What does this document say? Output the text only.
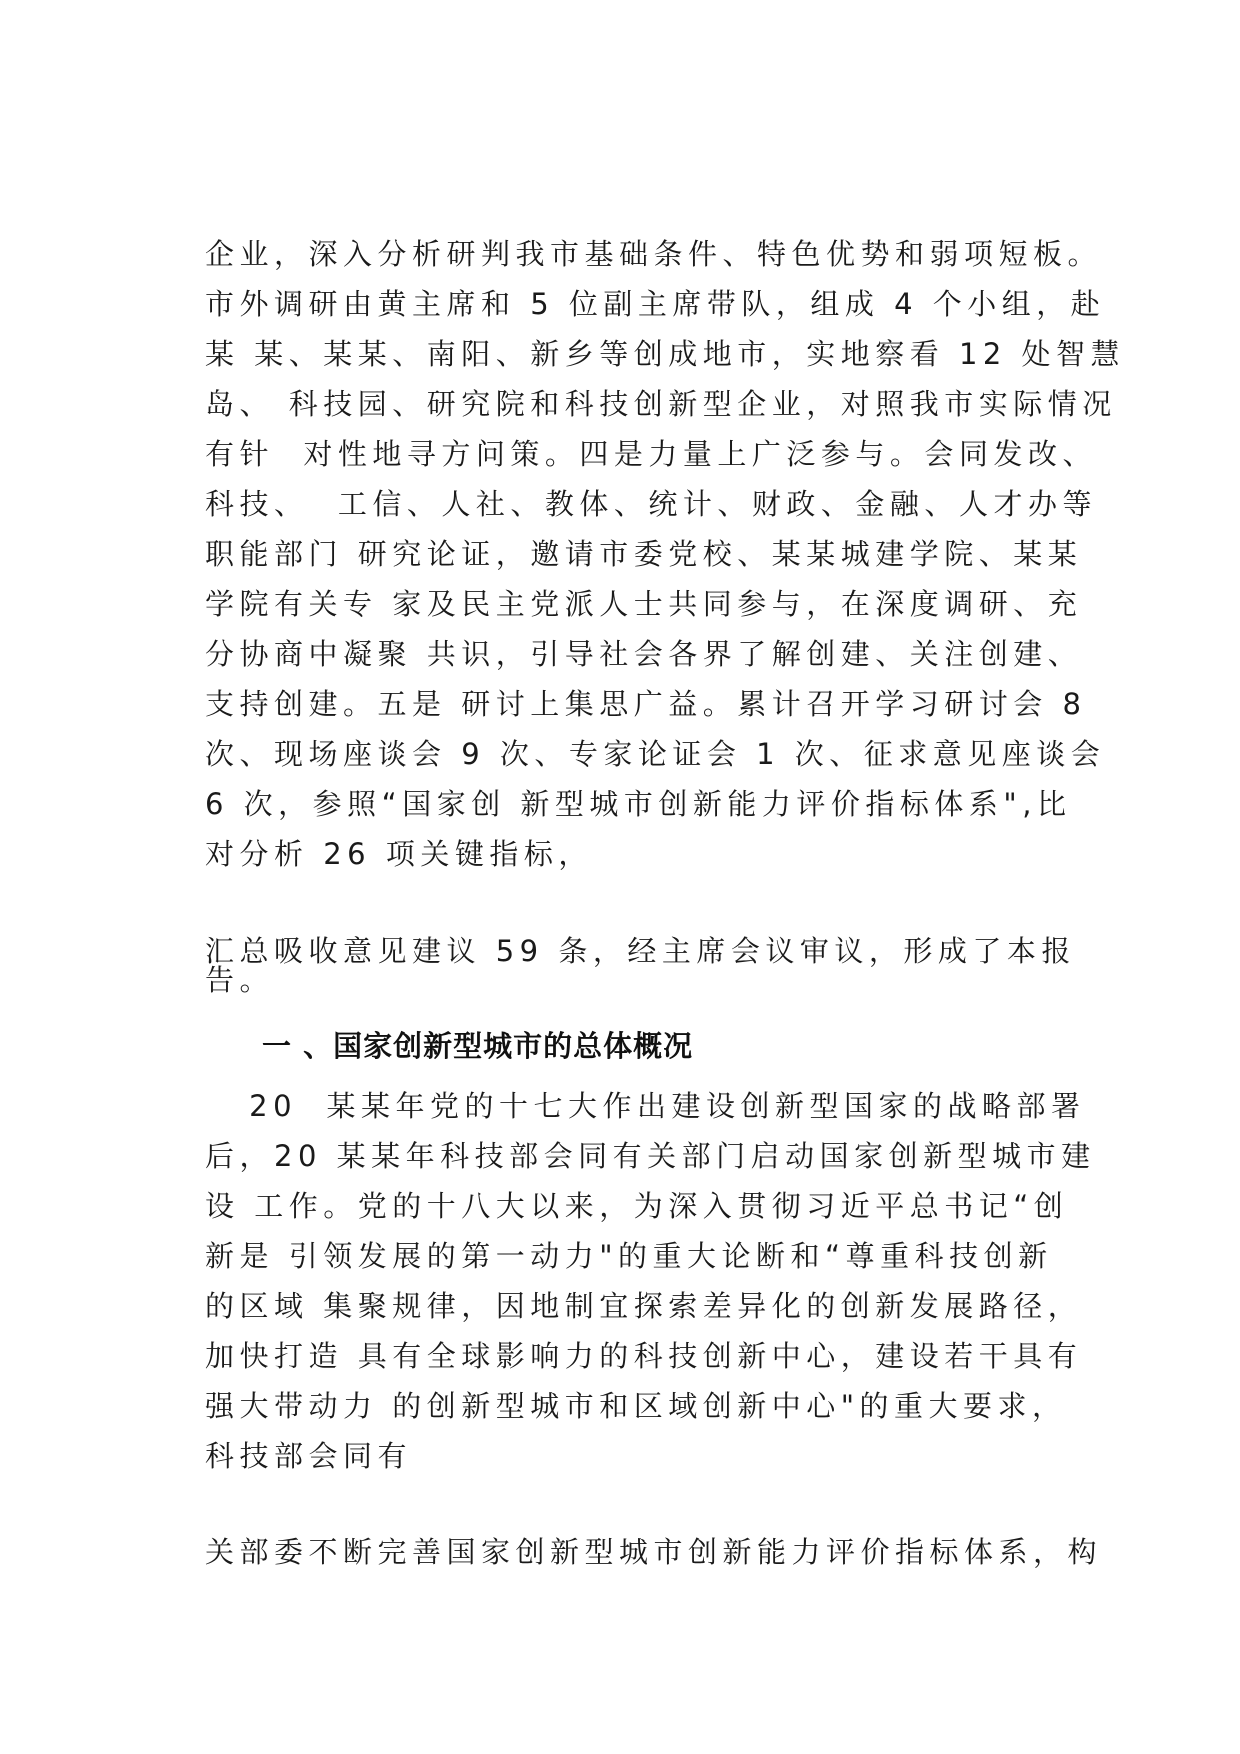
企业，深入分析研判我市基础条件、特色优势和弱项短板。

市外调研由黄主席和 5 位副主席带队，组成 4 个小组，赴

某 某、某某、南阳、新乡等创成地市，实地察看 12 处智慧

岛、 科技园、研究院和科技创新型企业，对照我市实际情况

有针  对性地寻方问策。四是力量上广泛参与。会同发改、

科技、  工信、人社、教体、统计、财政、金融、人才办等

职能部门 研究论证，邀请市委党校、某某城建学院、某某

学院有关专 家及民主党派人士共同参与，在深度调研、充

分协商中凝聚 共识，引导社会各界了解创建、关注创建、

支持创建。五是 研讨上集思广益。累计召开学习研讨会 8

次、现场座谈会 9 次、专家论证会 1 次、征求意见座谈会

6 次，参照“国家创 新型城市创新能力评价指标体系",比

对分析 26 项关键指标，

汇总吸收意见建议 59 条，经主席会议审议，形成了本报

告。

一 、国家创新型城市的总体概况

20  某某年党的十七大作出建设创新型国家的战略部署

后，20 某某年科技部会同有关部门启动国家创新型城市建

设 工作。党的十八大以来，为深入贯彻习近平总书记“创

新是 引领发展的第一动力"的重大论断和“尊重科技创新

的区域 集聚规律，因地制宜探索差异化的创新发展路径，

加快打造 具有全球影响力的科技创新中心，建设若干具有

强大带动力 的创新型城市和区域创新中心"的重大要求，

科技部会同有

关部委不断完善国家创新型城市创新能力评价指标体系，构
